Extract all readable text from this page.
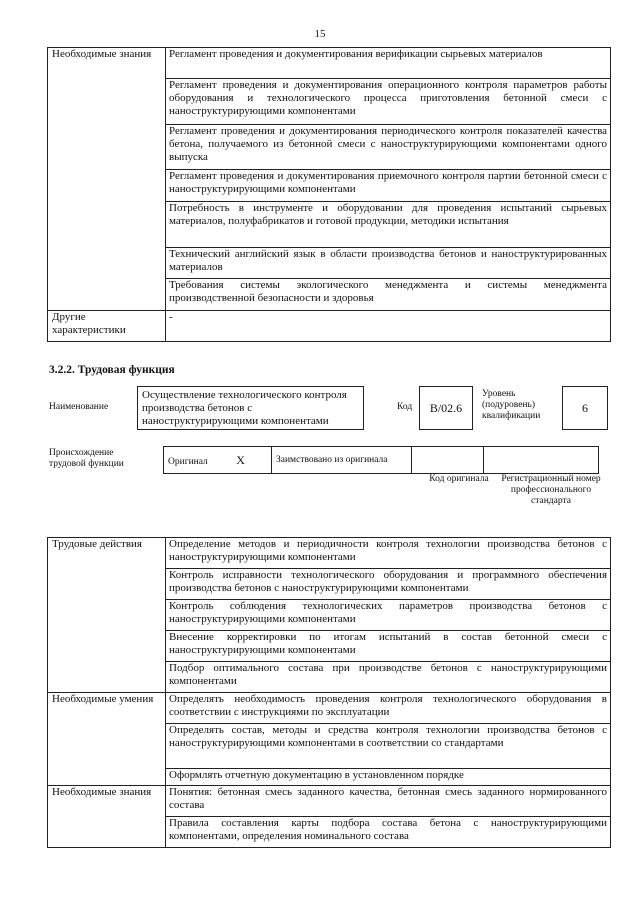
15
Необходимые знания	Регламент проведения и документирования верификации сырьевых материалов
	Регламент проведения и документирования операционного контроля параметров работы оборудования и технологического процесса приготовления бетонной смеси с наноструктурирующими компонентами
	Регламент проведения и документирования периодического контроля показателей качества бетона, получаемого из бетонной смеси с наноструктурирующими компонентами одного выпуска
	Регламент проведения и документирования приемочного контроля партии бетонной смеси с наноструктурирующими компонентами
	Потребность в инструменте и оборудовании для проведения испытаний сырьевых материалов, полуфабрикатов и готовой продукции, методики испытания
	Технический английский язык в области производства бетонов и наноструктурированных материалов
	Требования системы экологического менеджмента и системы менеджмента производственной безопасности и здоровья
Другие характеристики	-
3.2.2. Трудовая функция
Наименование
Осуществление технологического контроля производства бетонов с наноструктурирующими компонентами
Код	B/02.6
Уровень (подуровень) квалификации
6
Происхождение трудовой функции	Оригинал X	Заимствовано из оригинала		
Код оригинала	Регистрационный номер профессионального стандарта
Трудовые действия	Определение методов и периодичности контроля технологии производства бетонов с наноструктурирующими компонентами
	Контроль исправности технологического оборудования и программного обеспечения производства бетонов с наноструктурирующими компонентами
	Контроль соблюдения технологических параметров производства бетонов с наноструктурирующими компонентами
	Внесение корректировки по итогам испытаний в состав бетонной смеси с наноструктурирующими компонентами
	Подбор оптимального состава при производстве бетонов с наноструктурирующими компонентами
Необходимые умения	Определять необходимость проведения контроля технологического оборудования в соответствии с инструкциями по эксплуатации
	Определять состав, методы и средства контроля технологии производства бетонов с наноструктурирующими компонентами в соответствии со стандартами
	Оформлять отчетную документацию в установленном порядке
Необходимые знания	Понятия: бетонная смесь заданного качества, бетонная смесь заданного нормированного состава
	Правила составления карты подбора состава бетона с наноструктурирующими компонентами, определения номинального состава
